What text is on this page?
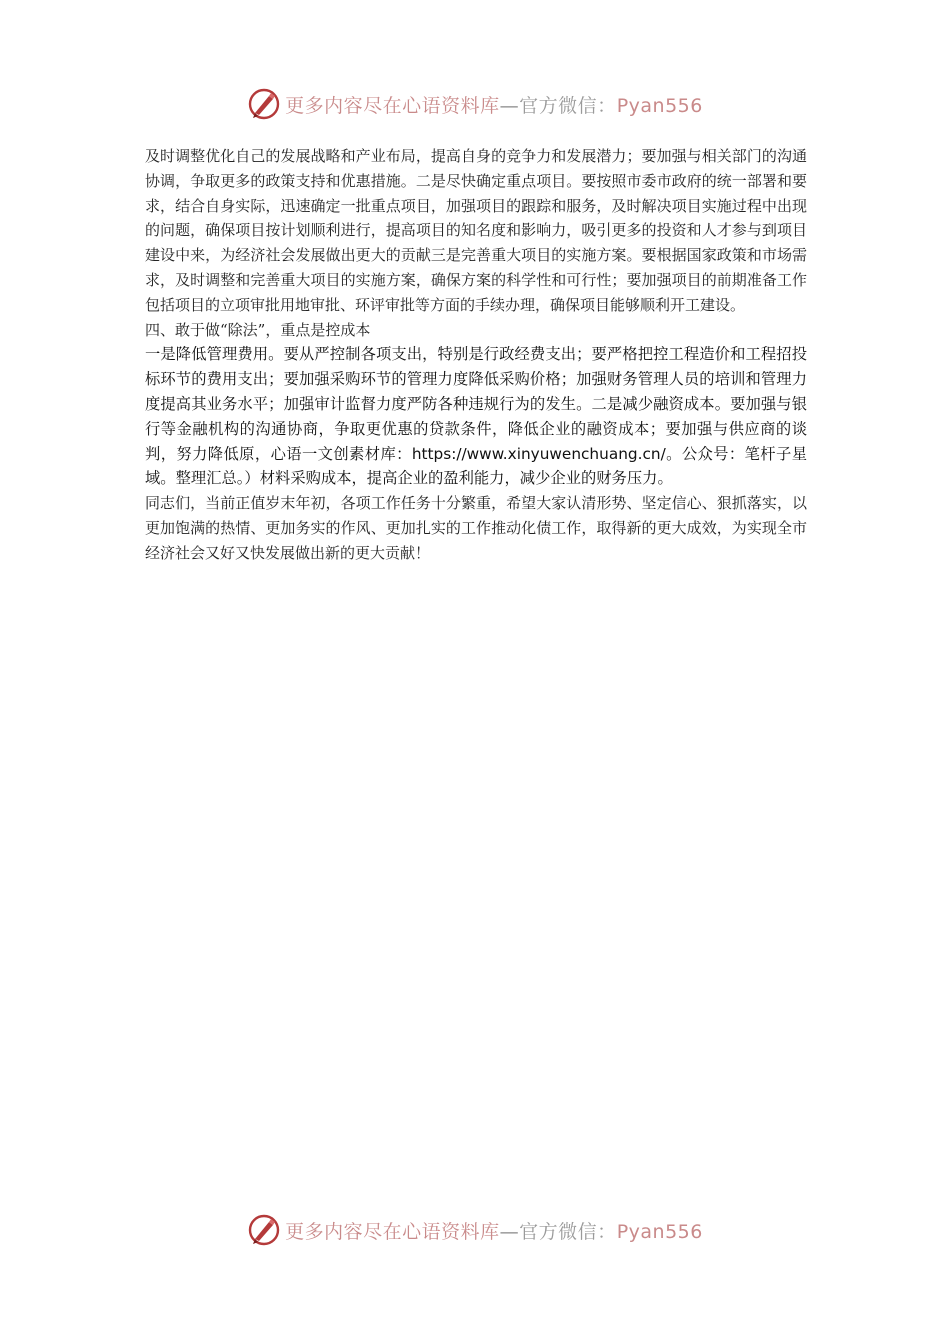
更多内容尽在心语资料库—官方微信：Pyan556

及时调整优化自己的发展战略和产业布局，提高自身的竞争力和发展潜力；要加强与相关部门的沟通协调，争取更多的政策支持和优惠措施。二是尽快确定重点项目。要按照市委市政府的统一部署和要求，结合自身实际，迅速确定一批重点项目，加强项目的跟踪和服务，及时解决项目实施过程中出现的问题，确保项目按计划顺利进行，提高项目的知名度和影响力，吸引更多的投资和人才参与到项目建设中来，为经济社会发展做出更大的贡献三是完善重大项目的实施方案。要根据国家政策和市场需求，及时调整和完善重大项目的实施方案，确保方案的科学性和可行性；要加强项目的前期准备工作包括项目的立项审批用地审批、环评审批等方面的手续办理，确保项目能够顺利开工建设。

四、敢于做“除法”，重点是控成本

一是降低管理费用。要从严控制各项支出，特别是行政经费支出；要严格把控工程造价和工程招投标环节的费用支出；要加强采购环节的管理力度降低采购价格；加强财务管理人员的培训和管理力度提高其业务水平；加强审计监督力度严防各种违规行为的发生。二是减少融资成本。要加强与银行等金融机构的沟通协商，争取更优惠的贷款条件，降低企业的融资成本；要加强与供应商的谈判，努力降低原，心语一文创素材库：https://www.xinyuwenchuang.cn/。公众号：笔杆子星域。整理汇总。）材料采购成本，提高企业的盈利能力，减少企业的财务压力。

同志们，当前正值岁末年初，各项工作任务十分繁重，希望大家认清形势、坚定信心、狠抓落实，以更加饱满的热情、更加务实的作风、更加扎实的工作推动化债工作，取得新的更大成效，为实现全市经济社会又好又快发展做出新的更大贡献！

更多内容尽在心语资料库—官方微信：Pyan556
